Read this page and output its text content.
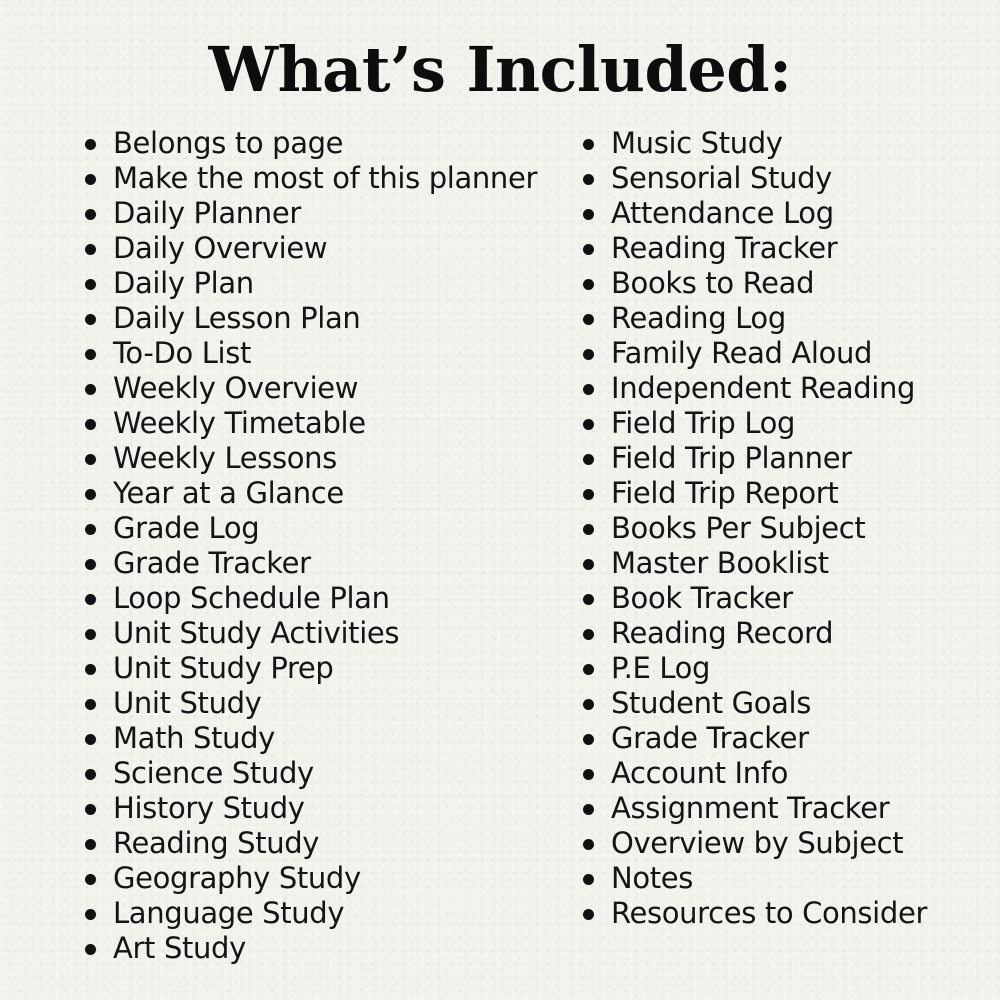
What’s Included:
Belongs to page
Make the most of this planner
Daily Planner
Daily Overview
Daily Plan
Daily Lesson Plan
To-Do List
Weekly Overview
Weekly Timetable
Weekly Lessons
Year at a Glance
Grade Log
Grade Tracker
Loop Schedule Plan
Unit Study Activities
Unit Study Prep
Unit Study
Math Study
Science Study
History Study
Reading Study
Geography Study
Language Study
Art Study
Music Study
Sensorial Study
Attendance Log
Reading Tracker
Books to Read
Reading Log
Family Read Aloud
Independent Reading
Field Trip Log
Field Trip Planner
Field Trip Report
Books Per Subject
Master Booklist
Book Tracker
Reading Record
P.E Log
Student Goals
Grade Tracker
Account Info
Assignment Tracker
Overview by Subject
Notes
Resources to Consider
